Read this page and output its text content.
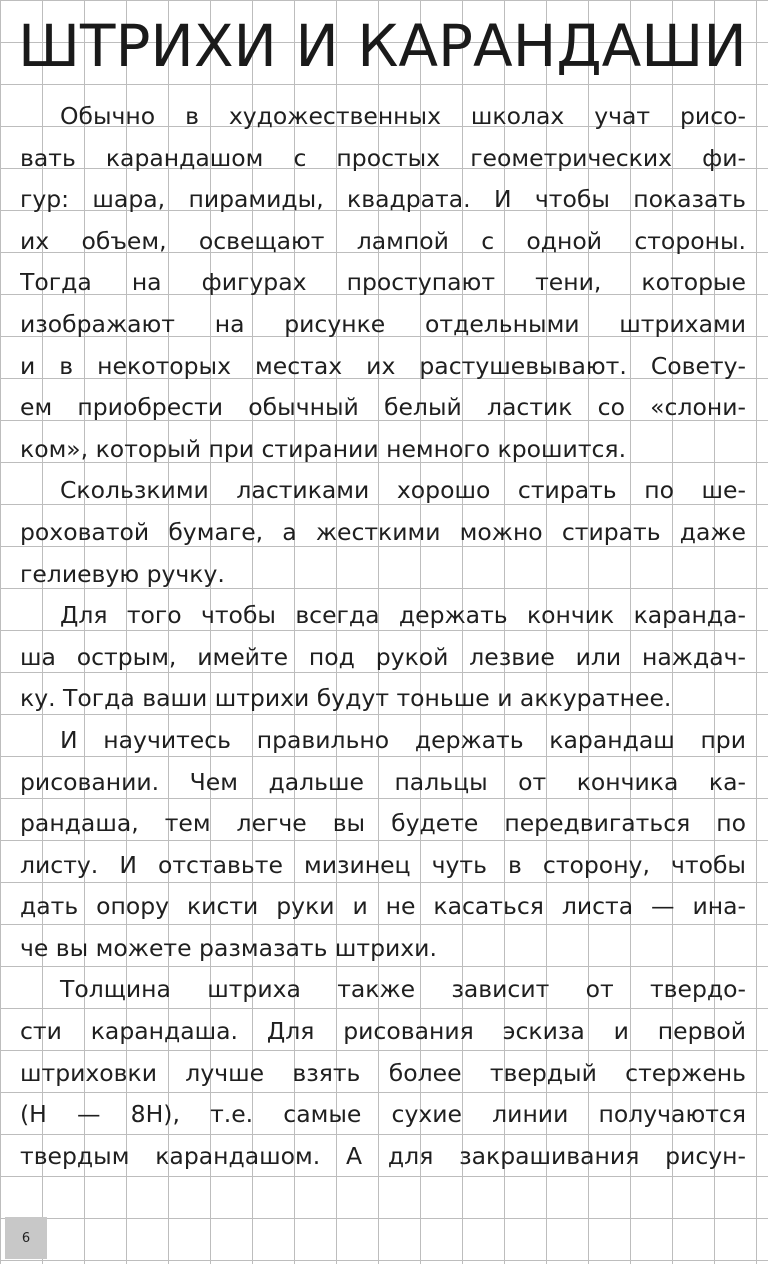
ШТРИХИ И КАРАНДАШИ
Обычно в художественных школах учат рисо-
вать карандашом с простых геометрических фи-
гур: шара, пирамиды, квадрата. И чтобы показать
их объем, освещают лампой с одной стороны.
Тогда на фигурах проступают тени, которые
изображают на рисунке отдельными штрихами
и в некоторых местах их растушевывают. Совету-
ем приобрести обычный белый ластик со «слони-
ком», который при стирании немного крошится.
Скользкими ластиками хорошо стирать по ше-
роховатой бумаге, а жесткими можно стирать даже
гелиевую ручку.
Для того чтобы всегда держать кончик каранда-
ша острым, имейте под рукой лезвие или наждач-
ку. Тогда ваши штрихи будут тоньше и аккуратнее.
И научитесь правильно держать карандаш при
рисовании. Чем дальше пальцы от кончика ка-
рандаша, тем легче вы будете передвигаться по
листу. И отставьте мизинец чуть в сторону, чтобы
дать опору кисти руки и не касаться листа — ина-
че вы можете размазать штрихи.
Толщина штриха также зависит от твердо-
сти карандаша. Для рисования эскиза и первой
штриховки лучше взять более твердый стержень
(Н — 8Н), т.е. самые сухие линии получаются
твердым карандашом. А для закрашивания рисун-
6
